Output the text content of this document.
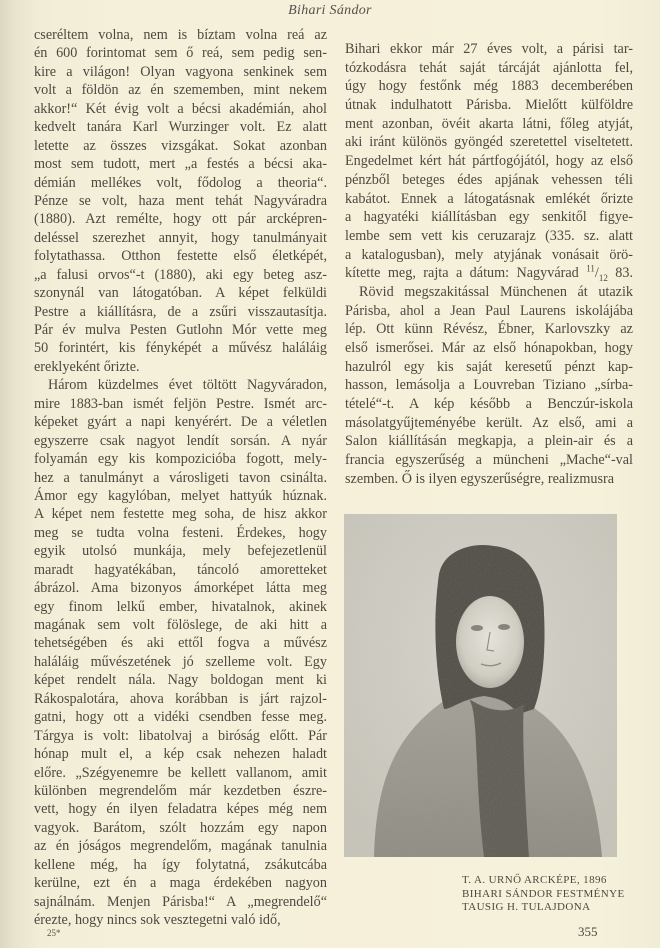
Bihari Sándor
cseréltem volna, nem is bíztam volna reá az
én 600 forintomat sem ő reá, sem pedig sen-
kire a világon! Olyan vagyona senkinek sem
volt a földön az én szememben, mint nekem
akkor!“ Két évig volt a bécsi akadémián, ahol
kedvelt tanára Karl Wurzinger volt. Ez alatt
letette az összes vizsgákat. Sokat azonban
most sem tudott, mert „a festés a bécsi aka-
démián mellékes volt, fődolog a theoria“.
Pénze se volt, haza ment tehát Nagyváradra
(1880). Azt remélte, hogy ott pár arcképren-
deléssel szerezhet annyit, hogy tanulmányait
folytathassa. Otthon festette első életképét,
„a falusi orvos“-t (1880), aki egy beteg asz-
szonynál van látogatóban. A képet felküldi
Pestre a kiállításra, de a zsűri visszautasítja.
Pár év mulva Pesten Gutlohn Mór vette meg
50 forintért, kis fényképét a művész haláláig
ereklyeként őrizte.
Három küzdelmes évet töltött Nagyváradon,
mire 1883-ban ismét feljön Pestre. Ismét arc-
képeket gyárt a napi kenyérért. De a véletlen
egyszerre csak nagyot lendít sorsán. A nyár
folyamán egy kis kompozicióba fogott, mely-
hez a tanulmányt a városligeti tavon csinálta.
Ámor egy kagylóban, melyet hattyúk húznak.
A képet nem festette meg soha, de hisz akkor
meg se tudta volna festeni. Érdekes, hogy
egyik utolsó munkája, mely befejezetlenül
maradt hagyatékában, táncoló amoretteket
ábrázol. Ama bizonyos ámorképet látta meg
egy finom lelkű ember, hivatalnok, akinek
magának sem volt fölöslege, de aki hitt a
tehetségében és aki ettől fogva a művész
haláláig művészetének jó szelleme volt. Egy
képet rendelt nála. Nagy boldogan ment ki
Rákospalotára, ahova korábban is járt rajzol-
gatni, hogy ott a vidéki csendben fesse meg.
Tárgya is volt: libatolvaj a biróság előtt. Pár
hónap mult el, a kép csak nehezen haladt
előre. „Szégyenemre be kellett vallanom, amit
különben megrendelőm már kezdetben észre-
vett, hogy én ilyen feladatra képes még nem
vagyok. Barátom, szólt hozzám egy napon
az én jóságos megrendelőm, magának tanulnia
kellene még, ha így folytatná, zsákutcába
kerülne, ezt én a maga érdekében nagyon
sajnálnám. Menjen Párisba!“ A „megrendelő“
érezte, hogy nincs sok vesztegetni való idő,
Bihari ekkor már 27 éves volt, a párisi tar-
tózkodásra tehát saját tárcáját ajánlotta fel,
úgy hogy festőnk még 1883 decemberében
útnak indulhatott Párisba. Mielőtt külföldre
ment azonban, övéit akarta látni, főleg atyját,
aki iránt különös gyöngéd szeretettel viseltetett.
Engedelmet kért hát pártfogójától, hogy az első
pénzből beteges édes apjának vehessen téli
kabátot. Ennek a látogatásnak emlékét őrizte
a hagyatéki kiállításban egy senkitől figye-
lembe sem vett kis ceruzarajz (335. sz. alatt
a katalogusban), mely atyjának vonásait örö-
kítette meg, rajta a dátum: Nagyvárad $^{11}/_{12}$ 83.
Rövid megszakitással Münchenen át utazik
Párisba, ahol a Jean Paul Laurens iskolájába
lép. Ott künn Révész, Ébner, Karlovszky az
első ismerősei. Már az első hónapokban, hogy
hazulról egy kis saját keresetű pénzt kap-
hasson, lemásolja a Louvreban Tiziano „sírba-
tételé“-t. A kép később a Benczúr-iskola
másolatgyűjteményébe került. Az első, ami a
Salon kiállításán megkapja, a plein-air és a
francia egyszerűség a müncheni „Mache“-val
szemben. Ő is ilyen egyszerűségre, realizmusra
T. A. URNŐ ARCKÉPE, 1896
BIHARI SÁNDOR FESTMÉNYE
TAUSIG H. TULAJDONA
25*	355
